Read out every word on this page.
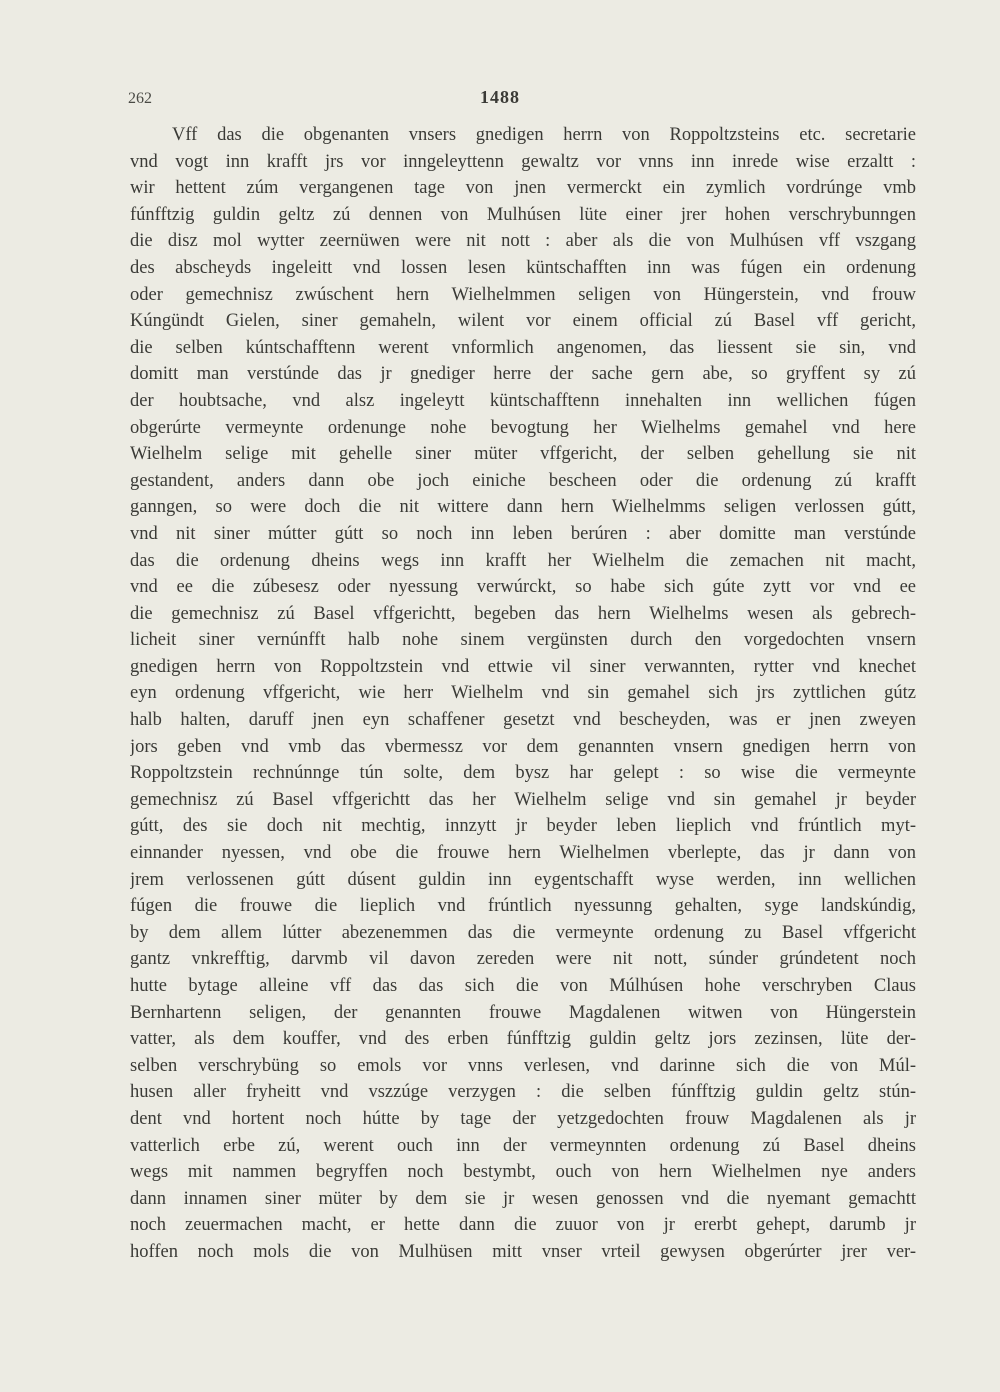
262	1488
Vff das die obgenanten vnsers gnedigen herrn von Roppoltzsteins etc. secretarie
vnd vogt inn krafft jrs vor inngeleyttenn gewaltz vor vnns inn inrede wise erzaltt :
wir hettent zúm vergangenen tage von jnen vermerckt ein zymlich vordrúnge vmb
fúnfftzig guldin geltz zú dennen von Mulhúsen lüte einer jrer hohen verschrybunngen
die disz mol wytter zeernüwen were nit nott : aber als die von Mulhúsen vff vszgang
des abscheyds ingeleitt vnd lossen lesen küntschafften inn was fúgen ein ordenung
oder gemechnisz zwúschent hern Wielhelmmen seligen von Hüngerstein, vnd frouw
Kúngündt Gielen, siner gemaheln, wilent vor einem official zú Basel vff gericht,
die selben kúntschafftenn werent vnformlich angenomen, das liessent sie sin, vnd
domitt man verstúnde das jr gnediger herre der sache gern abe, so gryffent sy zú
der houbtsache, vnd alsz ingeleytt küntschafftenn innehalten inn wellichen fúgen
obgerúrte vermeynte ordenunge nohe bevogtung her Wielhelms gemahel vnd here
Wielhelm selige mit gehelle siner müter vffgericht, der selben gehellung sie nit
gestandent, anders dann obe joch einiche bescheen oder die ordenung zú krafft
ganngen, so were doch die nit wittere dann hern Wielhelmms seligen verlossen gútt,
vnd nit siner mútter gútt so noch inn leben berúren : aber domitte man verstúnde
das die ordenung dheins wegs inn krafft her Wielhelm die zemachen nit macht,
vnd ee die zúbesesz oder nyessung verwúrckt, so habe sich gúte zytt vor vnd ee
die gemechnisz zú Basel vffgerichtt, begeben das hern Wielhelms wesen als gebrech-
licheit siner vernúnfft halb nohe sinem vergünsten durch den vorgedochten vnsern
gnedigen herrn von Roppoltzstein vnd ettwie vil siner verwannten, rytter vnd knechet
eyn ordenung vffgericht, wie herr Wielhelm vnd sin gemahel sich jrs zyttlichen gútz
halb halten, daruff jnen eyn schaffener gesetzt vnd bescheyden, was er jnen zweyen
jors geben vnd vmb das vbermessz vor dem genannten vnsern gnedigen herrn von
Roppoltzstein rechnúnnge tún solte, dem bysz har gelept : so wise die vermeynte
gemechnisz zú Basel vffgerichtt das her Wielhelm selige vnd sin gemahel jr beyder
gútt, des sie doch nit mechtig, innzytt jr beyder leben lieplich vnd frúntlich myt-
einnander nyessen, vnd obe die frouwe hern Wielhelmen vberlepte, das jr dann von
jrem verlossenen gútt dúsent guldin inn eygentschafft wyse werden, inn wellichen
fúgen die frouwe die lieplich vnd frúntlich nyessunng gehalten, syge landskúndig,
by dem allem lútter abezenemmen das die vermeynte ordenung zu Basel vffgericht
gantz vnkrefftig, darvmb vil davon zereden were nit nott, súnder grúndetent noch
hutte bytage alleine vff das das sich die von Múlhúsen hohe verschryben Claus
Bernhartenn seligen, der genannten frouwe Magdalenen witwen von Hüngerstein
vatter, als dem kouffer, vnd des erben fúnfftzig guldin geltz jors zezinsen, lüte der-
selben verschrybüng so emols vor vnns verlesen, vnd darinne sich die von Múl-
husen aller fryheitt vnd vszzúge verzygen : die selben fúnfftzig guldin geltz stún-
dent vnd hortent noch hútte by tage der yetzgedochten frouw Magdalenen als jr
vatterlich erbe zú, werent ouch inn der vermeynnten ordenung zú Basel dheins
wegs mit nammen begryffen noch bestymbt, ouch von hern Wielhelmen nye anders
dann innamen siner müter by dem sie jr wesen genossen vnd die nyemant gemachtt
noch zeuermachen macht, er hette dann die zuuor von jr ererbt gehept, darumb jr
hoffen noch mols die von Mulhüsen mitt vnser vrteil gewysen obgerúrter jrer ver-
